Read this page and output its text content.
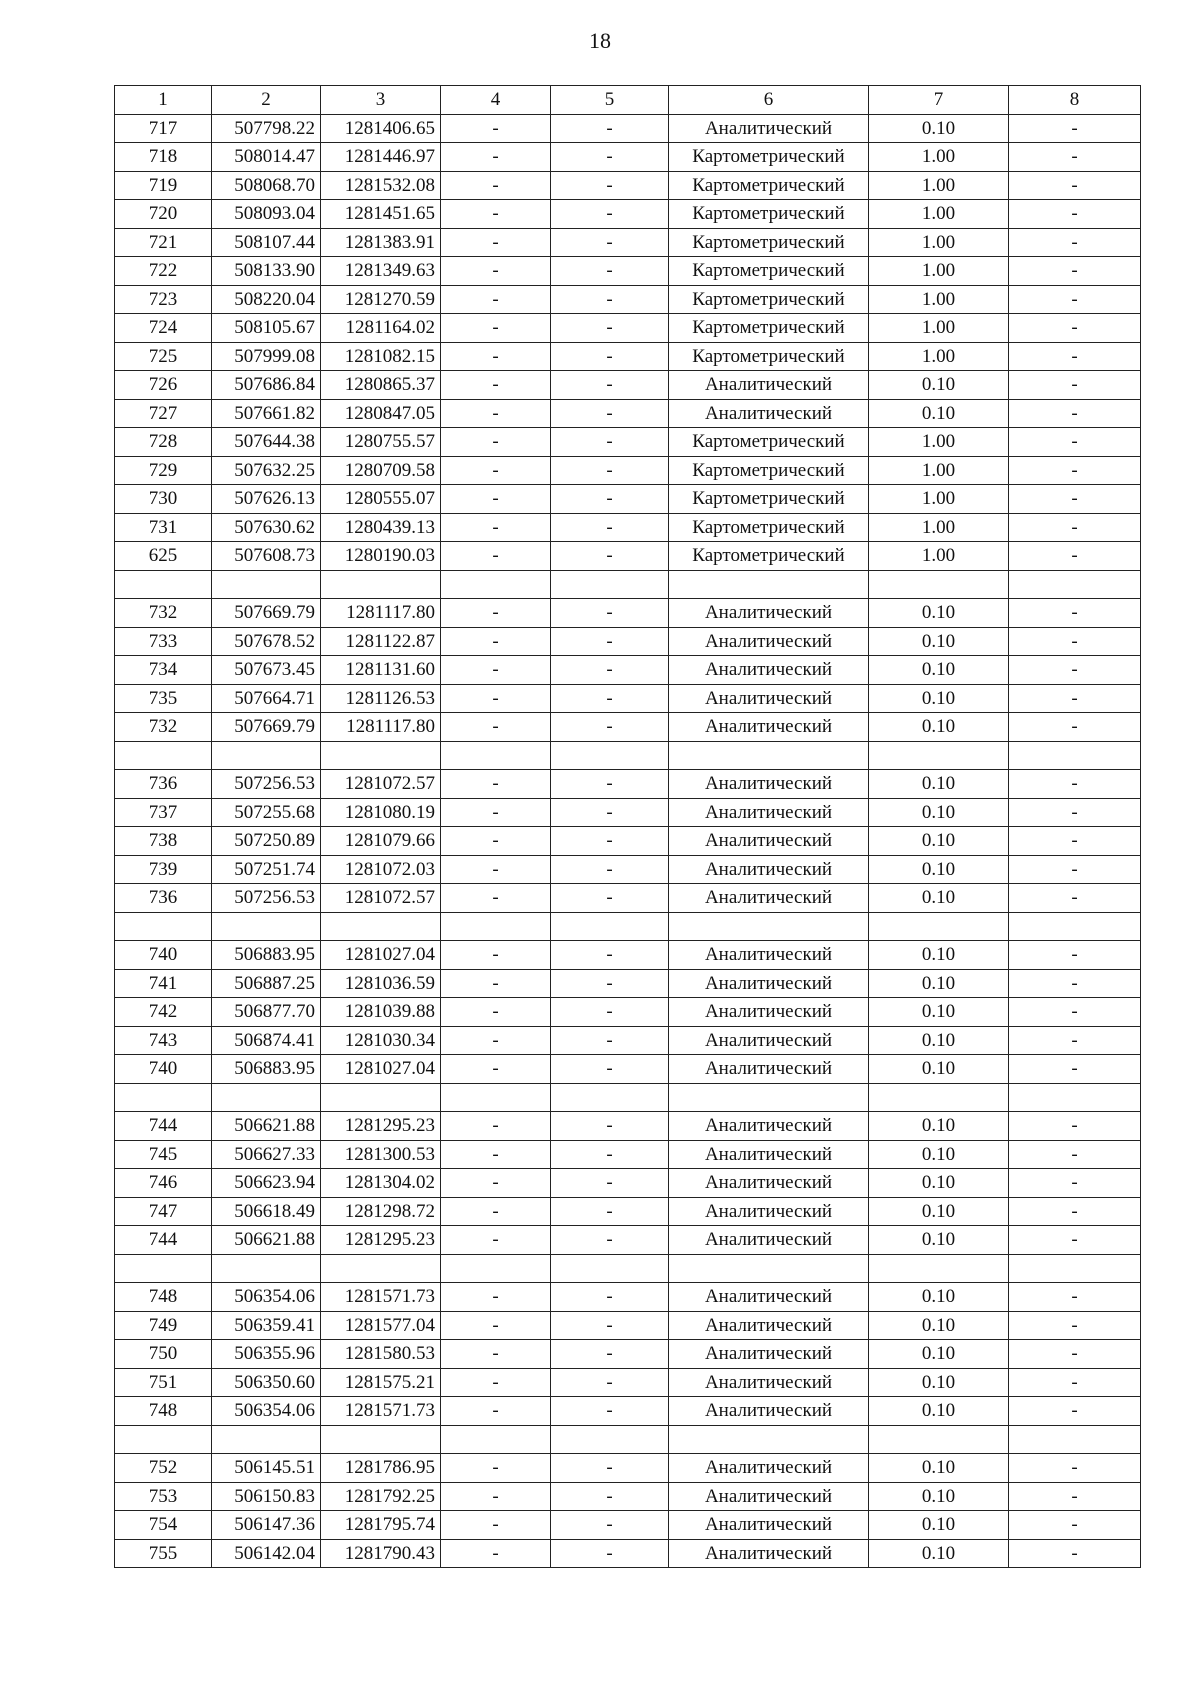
18
1	2	3	4	5	6	7	8
717	507798.22	1281406.65	-	-	Аналитический	0.10	-
718	508014.47	1281446.97	-	-	Картометрический	1.00	-
719	508068.70	1281532.08	-	-	Картометрический	1.00	-
720	508093.04	1281451.65	-	-	Картометрический	1.00	-
721	508107.44	1281383.91	-	-	Картометрический	1.00	-
722	508133.90	1281349.63	-	-	Картометрический	1.00	-
723	508220.04	1281270.59	-	-	Картометрический	1.00	-
724	508105.67	1281164.02	-	-	Картометрический	1.00	-
725	507999.08	1281082.15	-	-	Картометрический	1.00	-
726	507686.84	1280865.37	-	-	Аналитический	0.10	-
727	507661.82	1280847.05	-	-	Аналитический	0.10	-
728	507644.38	1280755.57	-	-	Картометрический	1.00	-
729	507632.25	1280709.58	-	-	Картометрический	1.00	-
730	507626.13	1280555.07	-	-	Картометрический	1.00	-
731	507630.62	1280439.13	-	-	Картометрический	1.00	-
625	507608.73	1280190.03	-	-	Картометрический	1.00	-

732	507669.79	1281117.80	-	-	Аналитический	0.10	-
733	507678.52	1281122.87	-	-	Аналитический	0.10	-
734	507673.45	1281131.60	-	-	Аналитический	0.10	-
735	507664.71	1281126.53	-	-	Аналитический	0.10	-
732	507669.79	1281117.80	-	-	Аналитический	0.10	-

736	507256.53	1281072.57	-	-	Аналитический	0.10	-
737	507255.68	1281080.19	-	-	Аналитический	0.10	-
738	507250.89	1281079.66	-	-	Аналитический	0.10	-
739	507251.74	1281072.03	-	-	Аналитический	0.10	-
736	507256.53	1281072.57	-	-	Аналитический	0.10	-

740	506883.95	1281027.04	-	-	Аналитический	0.10	-
741	506887.25	1281036.59	-	-	Аналитический	0.10	-
742	506877.70	1281039.88	-	-	Аналитический	0.10	-
743	506874.41	1281030.34	-	-	Аналитический	0.10	-
740	506883.95	1281027.04	-	-	Аналитический	0.10	-

744	506621.88	1281295.23	-	-	Аналитический	0.10	-
745	506627.33	1281300.53	-	-	Аналитический	0.10	-
746	506623.94	1281304.02	-	-	Аналитический	0.10	-
747	506618.49	1281298.72	-	-	Аналитический	0.10	-
744	506621.88	1281295.23	-	-	Аналитический	0.10	-

748	506354.06	1281571.73	-	-	Аналитический	0.10	-
749	506359.41	1281577.04	-	-	Аналитический	0.10	-
750	506355.96	1281580.53	-	-	Аналитический	0.10	-
751	506350.60	1281575.21	-	-	Аналитический	0.10	-
748	506354.06	1281571.73	-	-	Аналитический	0.10	-

752	506145.51	1281786.95	-	-	Аналитический	0.10	-
753	506150.83	1281792.25	-	-	Аналитический	0.10	-
754	506147.36	1281795.74	-	-	Аналитический	0.10	-
755	506142.04	1281790.43	-	-	Аналитический	0.10	-
